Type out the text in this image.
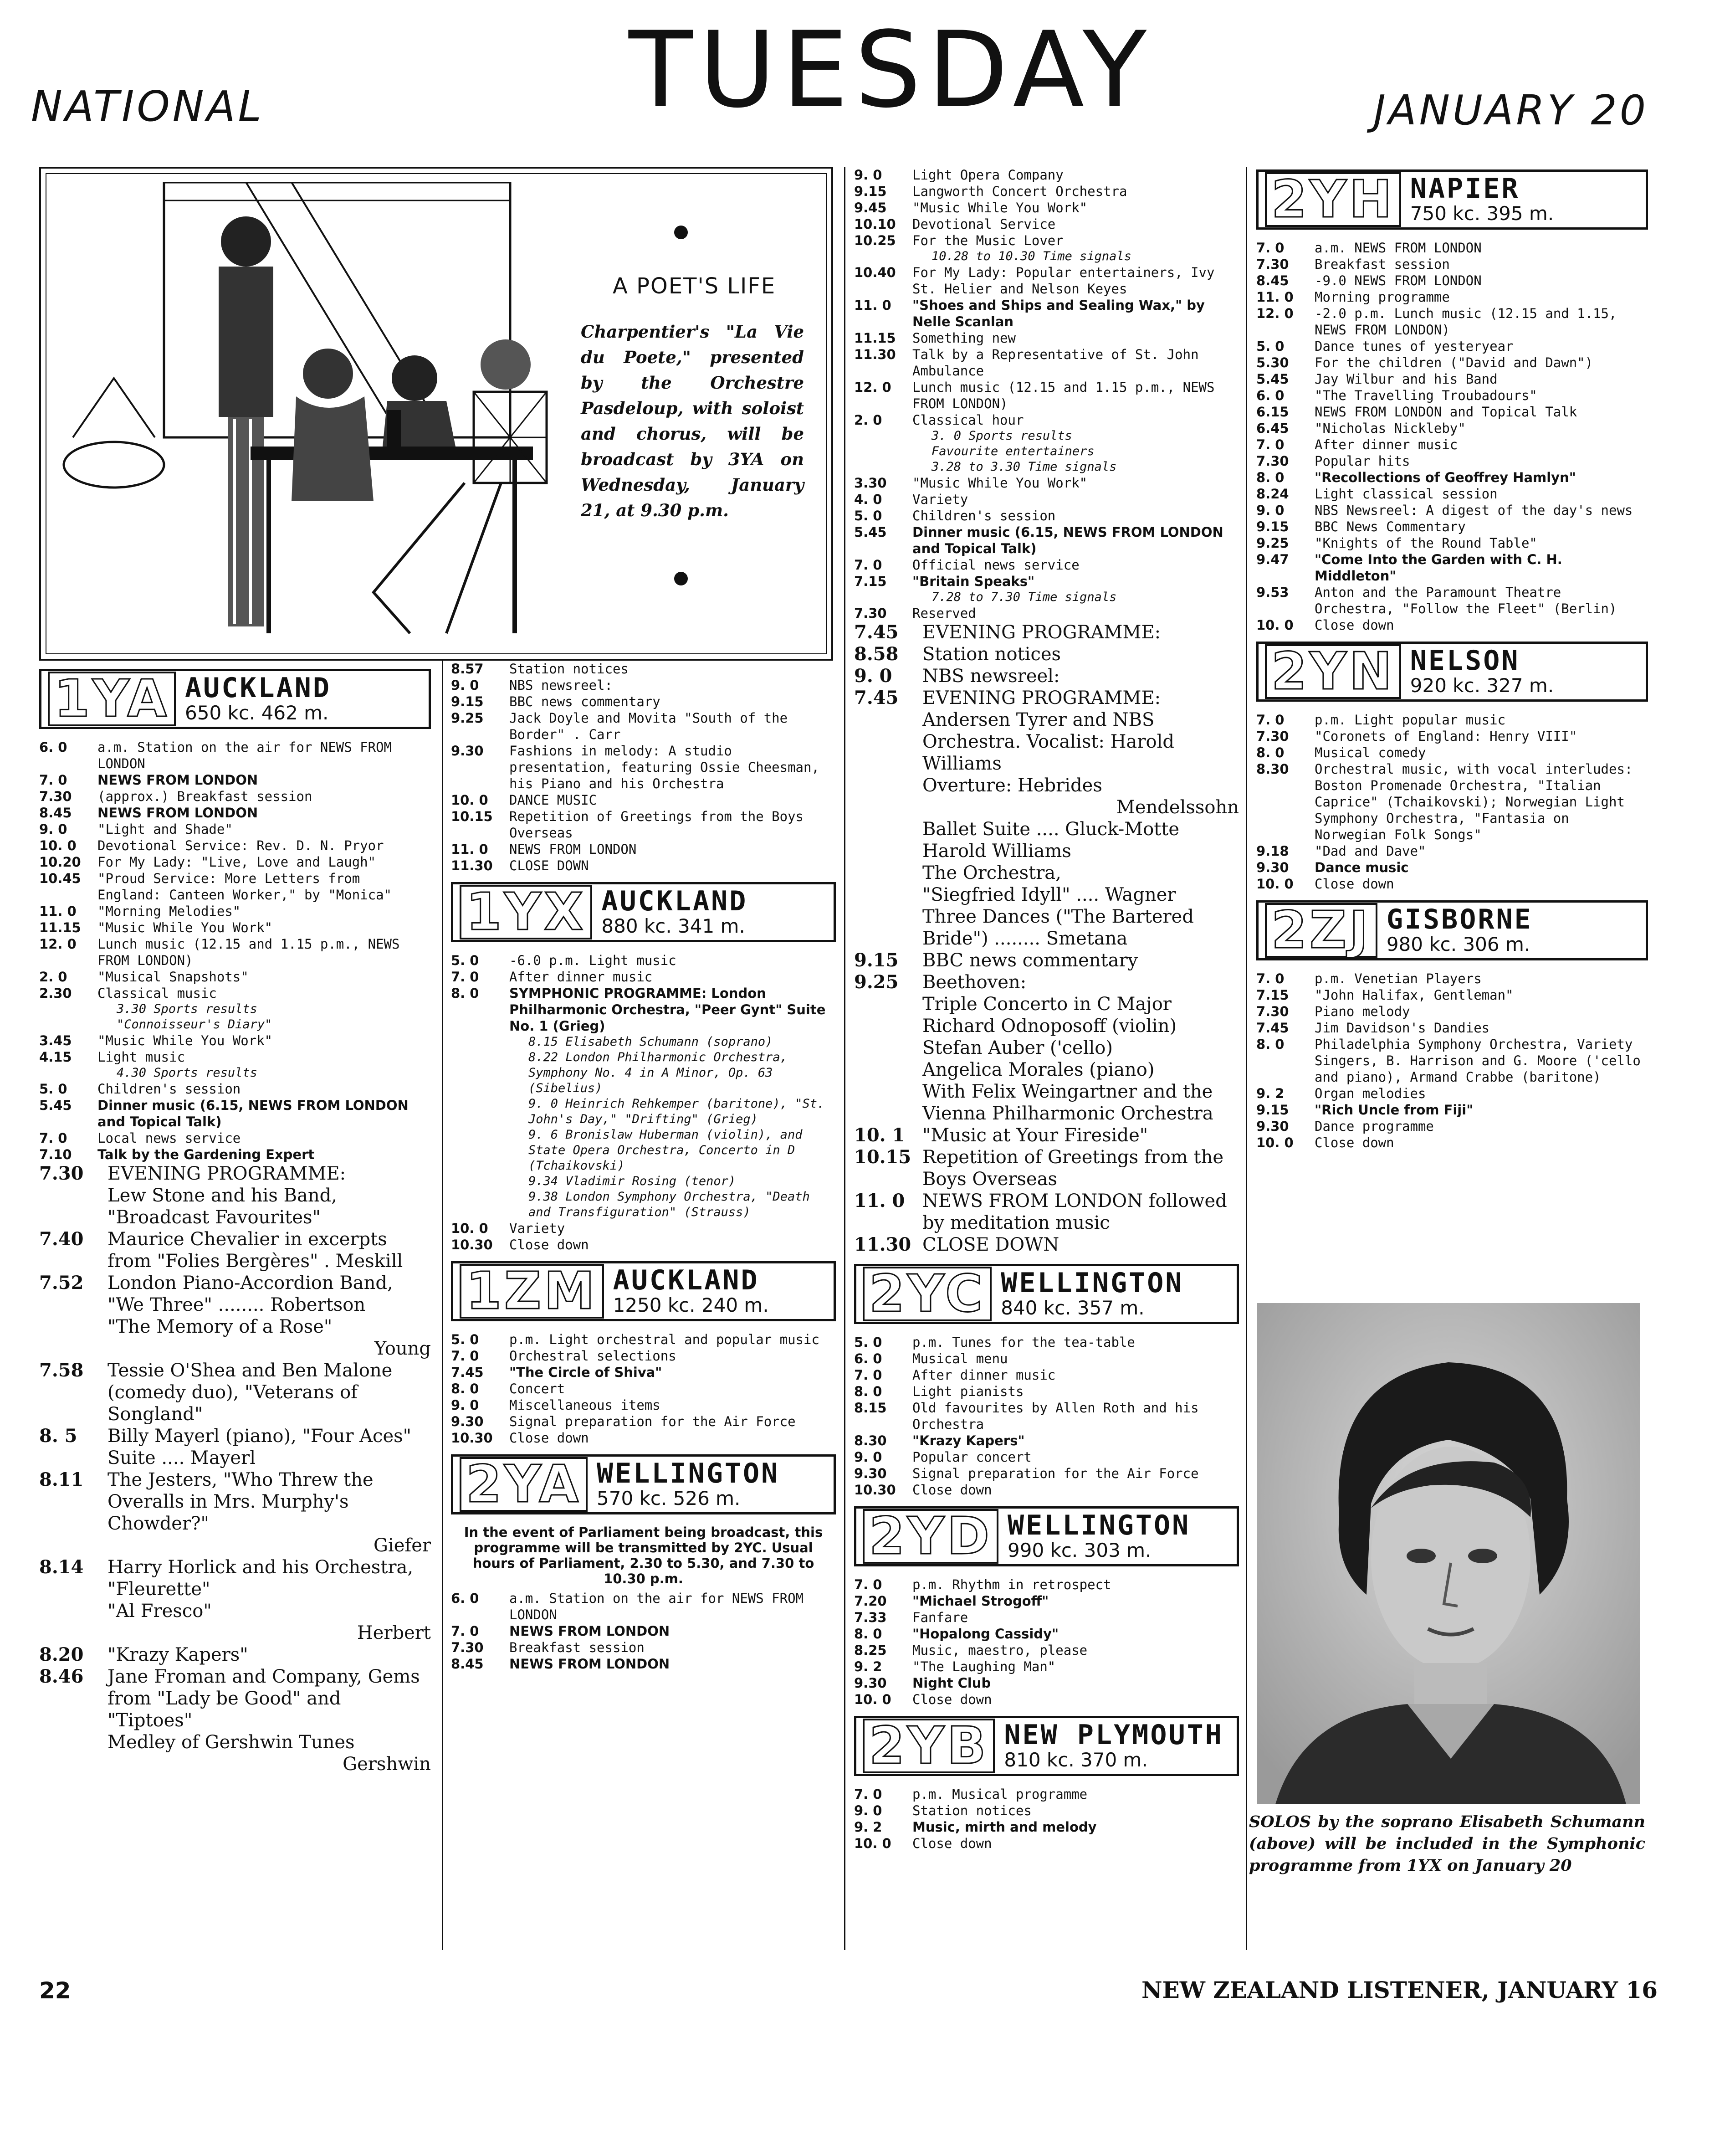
NATIONAL	TUESDAY	JANUARY 20
A POET'S LIFE
Charpentier's "La Vie du Poete," presented by the Orchestre Pasdeloup, with soloist and chorus, will be broadcast by 3YA on Wednesday, January 21, at 9.30 p.m.
1YA AUCKLAND
650 kc. 462 m.
6. 0	a.m. Station on the air for NEWS FROM LONDON
7. 0	NEWS FROM LONDON
7.30	(approx.) Breakfast session
8.45	NEWS FROM LONDON
9. 0	"Light and Shade"
10. 0	Devotional Service: Rev. D. N. Pryor
10.20	For My Lady: "Live, Love and Laugh"
10.45	"Proud Service: More Letters from England: Canteen Worker," by "Monica"
11. 0	"Morning Melodies"
11.15	"Music While You Work"
12. 0	Lunch music (12.15 and 1.15 p.m., NEWS FROM LONDON)
2. 0	"Musical Snapshots"
2.30	Classical music
3.30 Sports results
"Connoisseur's Diary"
3.45	"Music While You Work"
4.15	Light music
4.30 Sports results
5. 0	Children's session
5.45	Dinner music (6.15, NEWS FROM LONDON and Topical Talk)
7. 0	Local news service
7.10	Talk by the Gardening Expert
7.30	EVENING PROGRAMME:
Lew Stone and his Band,
"Broadcast Favourites"
7.40	Maurice Chevalier in excerpts from "Folies Bergères" . Meskill
7.52	London Piano-Accordion Band,
"We Three" ........ Robertson
"The Memory of a Rose"
Young
7.58	Tessie O'Shea and Ben Malone (comedy duo), "Veterans of Songland"
8. 5	Billy Mayerl (piano), "Four Aces" Suite .... Mayerl
8.11	The Jesters, "Who Threw the Overalls in Mrs. Murphy's Chowder?"
Giefer
8.14	Harry Horlick and his Orchestra,
"Fleurette"
"Al Fresco"
Herbert
8.20	"Krazy Kapers"
8.46	Jane Froman and Company, Gems from "Lady be Good" and "Tiptoes"
Medley of Gershwin Tunes
Gershwin
8.57	Station notices
9. 0	NBS newsreel:
9.15	BBC news commentary
9.25	Jack Doyle and Movita "South of the Border" . Carr
9.30	Fashions in melody: A studio presentation, featuring Ossie Cheesman, his Piano and his Orchestra
10. 0	DANCE MUSIC
10.15	Repetition of Greetings from the Boys Overseas
11. 0	NEWS FROM LONDON
11.30	CLOSE DOWN
1YX AUCKLAND
880 kc. 341 m.
5. 0	-6.0 p.m. Light music
7. 0	After dinner music
8. 0	SYMPHONIC PROGRAMME: London Philharmonic Orchestra, "Peer Gynt" Suite No. 1 (Grieg)
8.15 Elisabeth Schumann (soprano)
8.22 London Philharmonic Orchestra, Symphony No. 4 in A Minor, Op. 63 (Sibelius)
9. 0 Heinrich Rehkemper (baritone), "St. John's Day," "Drifting" (Grieg)
9. 6 Bronislaw Huberman (violin), and State Opera Orchestra, Concerto in D (Tchaikovski)
9.34 Vladimir Rosing (tenor)
9.38 London Symphony Orchestra, "Death and Transfiguration" (Strauss)
10. 0	Variety
10.30	Close down
1ZM AUCKLAND
1250 kc. 240 m.
5. 0	p.m. Light orchestral and popular music
7. 0	Orchestral selections
7.45	"The Circle of Shiva"
8. 0	Concert
9. 0	Miscellaneous items
9.30	Signal preparation for the Air Force
10.30	Close down
2YA WELLINGTON
570 kc. 526 m.
In the event of Parliament being broadcast, this programme will be transmitted by 2YC. Usual hours of Parliament, 2.30 to 5.30, and 7.30 to 10.30 p.m.
6. 0	a.m. Station on the air for NEWS FROM LONDON
7. 0	NEWS FROM LONDON
7.30	Breakfast session
8.45	NEWS FROM LONDON
9. 0	Light Opera Company
9.15	Langworth Concert Orchestra
9.45	"Music While You Work"
10.10	Devotional Service
10.25	For the Music Lover
10.28 to 10.30 Time signals
10.40	For My Lady: Popular entertainers, Ivy St. Helier and Nelson Keyes
11. 0	"Shoes and Ships and Sealing Wax," by Nelle Scanlan
11.15	Something new
11.30	Talk by a Representative of St. John Ambulance
12. 0	Lunch music (12.15 and 1.15 p.m., NEWS FROM LONDON)
2. 0	Classical hour
3. 0 Sports results
Favourite entertainers
3.28 to 3.30 Time signals
3.30	"Music While You Work"
4. 0	Variety
5. 0	Children's session
5.45	Dinner music (6.15, NEWS FROM LONDON and Topical Talk)
7. 0	Official news service
7.15	"Britain Speaks"
7.28 to 7.30 Time signals
7.30	Reserved
7.45	EVENING PROGRAMME:
8.58	Station notices
9. 0	NBS newsreel:
7.45	EVENING PROGRAMME: Andersen Tyrer and NBS Orchestra. Vocalist: Harold Williams
Overture: Hebrides
Mendelssohn
Ballet Suite .... Gluck-Motte
Harold Williams
The Orchestra,
"Siegfried Idyll" .... Wagner
Three Dances ("The Bartered Bride") ........ Smetana
9.15	BBC news commentary
9.25	Beethoven:
Triple Concerto in C Major
Richard Odnoposoff (violin)
Stefan Auber ('cello)
Angelica Morales (piano)
With Felix Weingartner and the Vienna Philharmonic Orchestra
10. 1 "Music at Your Fireside"
10.15 Repetition of Greetings from the Boys Overseas
11. 0 NEWS FROM LONDON followed by meditation music
11.30 CLOSE DOWN
2YC WELLINGTON
840 kc. 357 m.
5. 0	p.m. Tunes for the tea-table
6. 0	Musical menu
7. 0	After dinner music
8. 0	Light pianists
8.15	Old favourites by Allen Roth and his Orchestra
8.30	"Krazy Kapers"
9. 0	Popular concert
9.30	Signal preparation for the Air Force
10.30	Close down
2YD WELLINGTON
990 kc. 303 m.
7. 0	p.m. Rhythm in retrospect
7.20	"Michael Strogoff"
7.33	Fanfare
8. 0	"Hopalong Cassidy"
8.25	Music, maestro, please
9. 2	"The Laughing Man"
9.30	Night Club
10. 0	Close down
2YB NEW PLYMOUTH
810 kc. 370 m.
7. 0	p.m. Musical programme
9. 0	Station notices
9. 2	Music, mirth and melody
10. 0	Close down
2YH NAPIER
750 kc. 395 m.
7. 0	a.m. NEWS FROM LONDON
7.30	Breakfast session
8.45	-9.0 NEWS FROM LONDON
11. 0	Morning programme
12. 0	-2.0 p.m. Lunch music (12.15 and 1.15, NEWS FROM LONDON)
5. 0	Dance tunes of yesteryear
5.30	For the children ("David and Dawn")
5.45	Jay Wilbur and his Band
6. 0	"The Travelling Troubadours"
6.15	NEWS FROM LONDON and Topical Talk
6.45	"Nicholas Nickleby"
7. 0	After dinner music
7.30	Popular hits
8. 0	"Recollections of Geoffrey Hamlyn"
8.24	Light classical session
9. 0	NBS Newsreel: A digest of the day's news
9.15	BBC News Commentary
9.25	"Knights of the Round Table"
9.47	"Come Into the Garden with C. H. Middleton"
9.53	Anton and the Paramount Theatre Orchestra, "Follow the Fleet" (Berlin)
10. 0	Close down
2YN NELSON
920 kc. 327 m.
7. 0	p.m. Light popular music
7.30	"Coronets of England: Henry VIII"
8. 0	Musical comedy
8.30	Orchestral music, with vocal interludes: Boston Promenade Orchestra, "Italian Caprice" (Tchaikovski); Norwegian Light Symphony Orchestra, "Fantasia on Norwegian Folk Songs"
9.18	"Dad and Dave"
9.30	Dance music
10. 0	Close down
2ZJ GISBORNE
980 kc. 306 m.
7. 0	p.m. Venetian Players
7.15	"John Halifax, Gentleman"
7.30	Piano melody
7.45	Jim Davidson's Dandies
8. 0	Philadelphia Symphony Orchestra, Variety Singers, B. Harrison and G. Moore ('cello and piano), Armand Crabbe (baritone)
9. 2	Organ melodies
9.15	"Rich Uncle from Fiji"
9.30	Dance programme
10. 0	Close down
SOLOS by the soprano Elisabeth Schumann (above) will be included in the Symphonic programme from 1YX on January 20
22	NEW ZEALAND LISTENER, JANUARY 16
